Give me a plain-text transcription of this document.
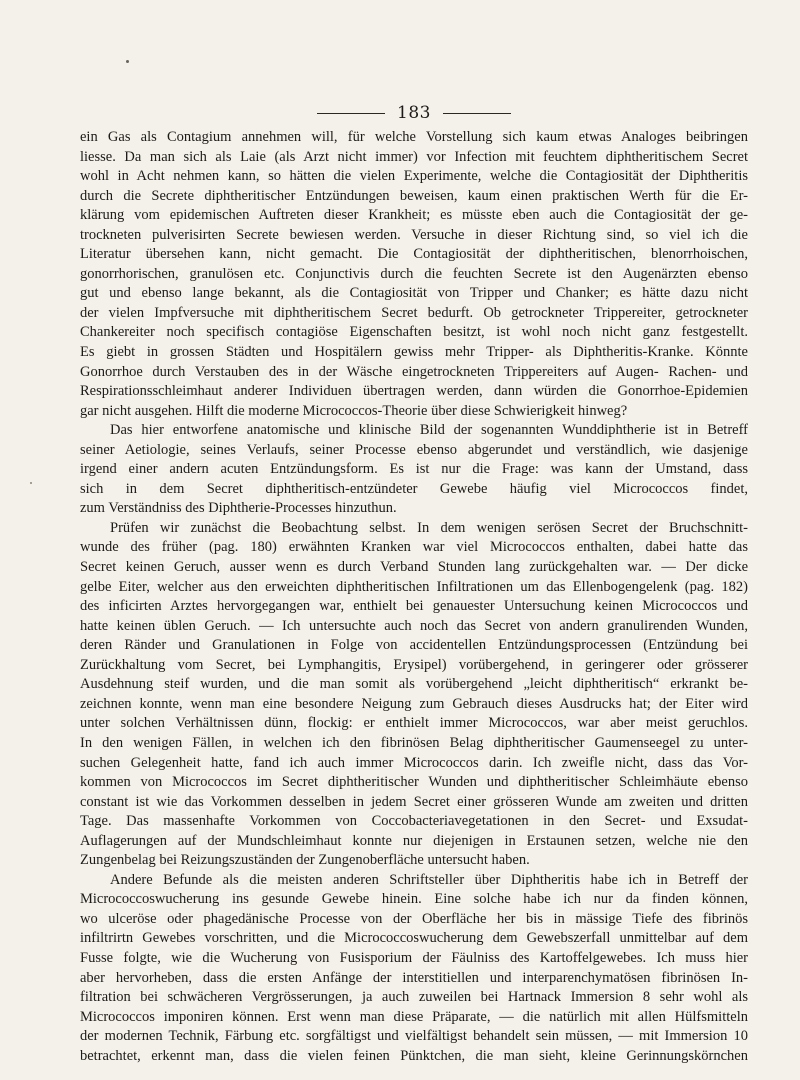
183
ein Gas als Contagium annehmen will, für welche Vorstellung sich kaum etwas Analoges beibringen
liesse. Da man sich als Laie (als Arzt nicht immer) vor Infection mit feuchtem diphtheritischem Secret
wohl in Acht nehmen kann, so hätten die vielen Experimente, welche die Contagiosität der Diphtheritis
durch die Secrete diphtheritischer Entzündungen beweisen, kaum einen praktischen Werth für die Er-
klärung vom epidemischen Auftreten dieser Krankheit; es müsste eben auch die Contagiosität der ge-
trockneten pulverisirten Secrete bewiesen werden. Versuche in dieser Richtung sind, so viel ich die
Literatur übersehen kann, nicht gemacht. Die Contagiosität der diphtheritischen, blenorrhoischen,
gonorrhorischen, granulösen etc. Conjunctivis durch die feuchten Secrete ist den Augenärzten ebenso
gut und ebenso lange bekannt, als die Contagiosität von Tripper und Chanker; es hätte dazu nicht
der vielen Impfversuche mit diphtheritischem Secret bedurft. Ob getrockneter Trippereiter, getrockneter
Chankereiter noch specifisch contagiöse Eigenschaften besitzt, ist wohl noch nicht ganz festgestellt.
Es giebt in grossen Städten und Hospitälern gewiss mehr Tripper- als Diphtheritis-Kranke. Könnte
Gonorrhoe durch Verstauben des in der Wäsche eingetrockneten Trippereiters auf Augen- Rachen- und
Respirationsschleimhaut anderer Individuen übertragen werden, dann würden die Gonorrhoe-Epidemien
gar nicht ausgehen. Hilft die moderne Micrococcos-Theorie über diese Schwierigkeit hinweg?
Das hier entworfene anatomische und klinische Bild der sogenannten Wunddiphtherie ist in Betreff
seiner Aetiologie, seines Verlaufs, seiner Processe ebenso abgerundet und verständlich, wie dasjenige
irgend einer andern acuten Entzündungsform. Es ist nur die Frage: was kann der Umstand, dass
sich in dem Secret diphtheritisch-entzündeter Gewebe häufig viel Micrococcos findet,
zum Verständniss des Diphtherie-Processes hinzuthun.
Prüfen wir zunächst die Beobachtung selbst. In dem wenigen serösen Secret der Bruchschnitt-
wunde des früher (pag. 180) erwähnten Kranken war viel Micrococcos enthalten, dabei hatte das
Secret keinen Geruch, ausser wenn es durch Verband Stunden lang zurückgehalten war. — Der dicke
gelbe Eiter, welcher aus den erweichten diphtheritischen Infiltrationen um das Ellenbogengelenk (pag. 182)
des inficirten Arztes hervorgegangen war, enthielt bei genauester Untersuchung keinen Micrococcos und
hatte keinen üblen Geruch. — Ich untersuchte auch noch das Secret von andern granulirenden Wunden,
deren Ränder und Granulationen in Folge von accidentellen Entzündungsprocessen (Entzündung bei
Zurückhaltung vom Secret, bei Lymphangitis, Erysipel) vorübergehend, in geringerer oder grösserer
Ausdehnung steif wurden, und die man somit als vorübergehend „leicht diphtheritisch“ erkrankt be-
zeichnen konnte, wenn man eine besondere Neigung zum Gebrauch dieses Ausdrucks hat; der Eiter wird
unter solchen Verhältnissen dünn, flockig: er enthielt immer Micrococcos, war aber meist geruchlos.
In den wenigen Fällen, in welchen ich den fibrinösen Belag diphtheritischer Gaumenseegel zu unter-
suchen Gelegenheit hatte, fand ich auch immer Micrococcos darin. Ich zweifle nicht, dass das Vor-
kommen von Micrococcos im Secret diphtheritischer Wunden und diphtheritischer Schleimhäute ebenso
constant ist wie das Vorkommen desselben in jedem Secret einer grösseren Wunde am zweiten und dritten
Tage. Das massenhafte Vorkommen von Coccobacteriavegetationen in den Secret- und Exsudat-
Auflagerungen auf der Mundschleimhaut konnte nur diejenigen in Erstaunen setzen, welche nie den
Zungenbelag bei Reizungszuständen der Zungenoberfläche untersucht haben.
Andere Befunde als die meisten anderen Schriftsteller über Diphtheritis habe ich in Betreff der
Micrococcoswucherung ins gesunde Gewebe hinein. Eine solche habe ich nur da finden können,
wo ulceröse oder phagedänische Processe von der Oberfläche her bis in mässige Tiefe des fibrinös
infiltrirtn Gewebes vorschritten, und die Micrococcoswucherung dem Gewebszerfall unmittelbar auf dem
Fusse folgte, wie die Wucherung von Fusisporium der Fäulniss des Kartoffelgewebes. Ich muss hier
aber hervorheben, dass die ersten Anfänge der interstitiellen und interparenchymatösen fibrinösen In-
filtration bei schwächeren Vergrösserungen, ja auch zuweilen bei Hartnack Immersion 8 sehr wohl als
Micrococcos imponiren können. Erst wenn man diese Präparate, — die natürlich mit allen Hülfsmitteln
der modernen Technik, Färbung etc. sorgfältigst und vielfältigst behandelt sein müssen, — mit Immersion 10
betrachtet, erkennt man, dass die vielen feinen Pünktchen, die man sieht, kleine Gerinnungskörnchen
